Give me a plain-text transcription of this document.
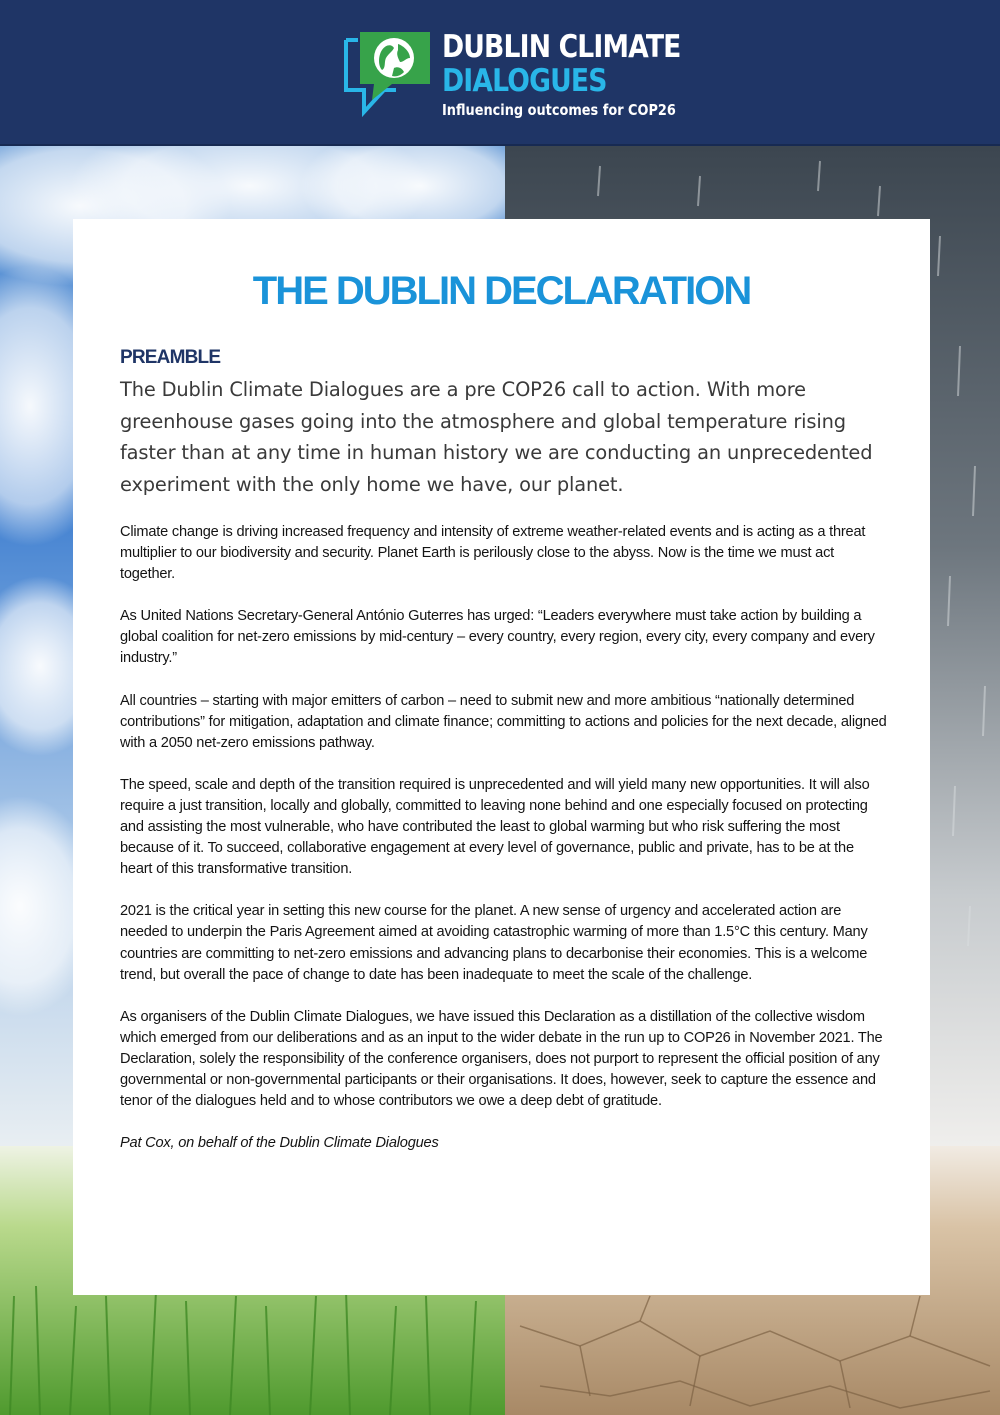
DUBLIN CLIMATE
DIALOGUES
Influencing outcomes for COP26
THE DUBLIN DECLARATION
PREAMBLE

The Dublin Climate Dialogues are a pre COP26 call to action. With more greenhouse gases going into the atmosphere and global temperature rising faster than at any time in human history we are conducting an unprecedented experiment with the only home we have, our planet.

Climate change is driving increased frequency and intensity of extreme weather-related events and is acting as a threat multiplier to our biodiversity and security. Planet Earth is perilously close to the abyss. Now is the time we must act together.

As United Nations Secretary-General António Guterres has urged: “Leaders everywhere must take action by building a global coalition for net-zero emissions by mid-century – every country, every region, every city, every company and every industry.”

All countries – starting with major emitters of carbon – need to submit new and more ambitious “nationally determined contributions” for mitigation, adaptation and climate finance; committing to actions and policies for the next decade, aligned with a 2050 net-zero emissions pathway.

The speed, scale and depth of the transition required is unprecedented and will yield many new opportunities. It will also require a just transition, locally and globally, committed to leaving none behind and one especially focused on protecting and assisting the most vulnerable, who have contributed the least to global warming but who risk suffering the most because of it. To succeed, collaborative engagement at every level of governance, public and private, has to be at the heart of this transformative transition.

2021 is the critical year in setting this new course for the planet. A new sense of urgency and accelerated action are needed to underpin the Paris Agreement aimed at avoiding catastrophic warming of more than 1.5°C this century. Many countries are committing to net-zero emissions and advancing plans to decarbonise their economies. This is a welcome trend, but overall the pace of change to date has been inadequate to meet the scale of the challenge.

As organisers of the Dublin Climate Dialogues, we have issued this Declaration as a distillation of the collective wisdom which emerged from our deliberations and as an input to the wider debate in the run up to COP26 in November 2021. The Declaration, solely the responsibility of the conference organisers, does not purport to represent the official position of any governmental or non-governmental participants or their organisations. It does, however, seek to capture the essence and tenor of the dialogues held and to whose contributors we owe a deep debt of gratitude.

Pat Cox, on behalf of the Dublin Climate Dialogues
